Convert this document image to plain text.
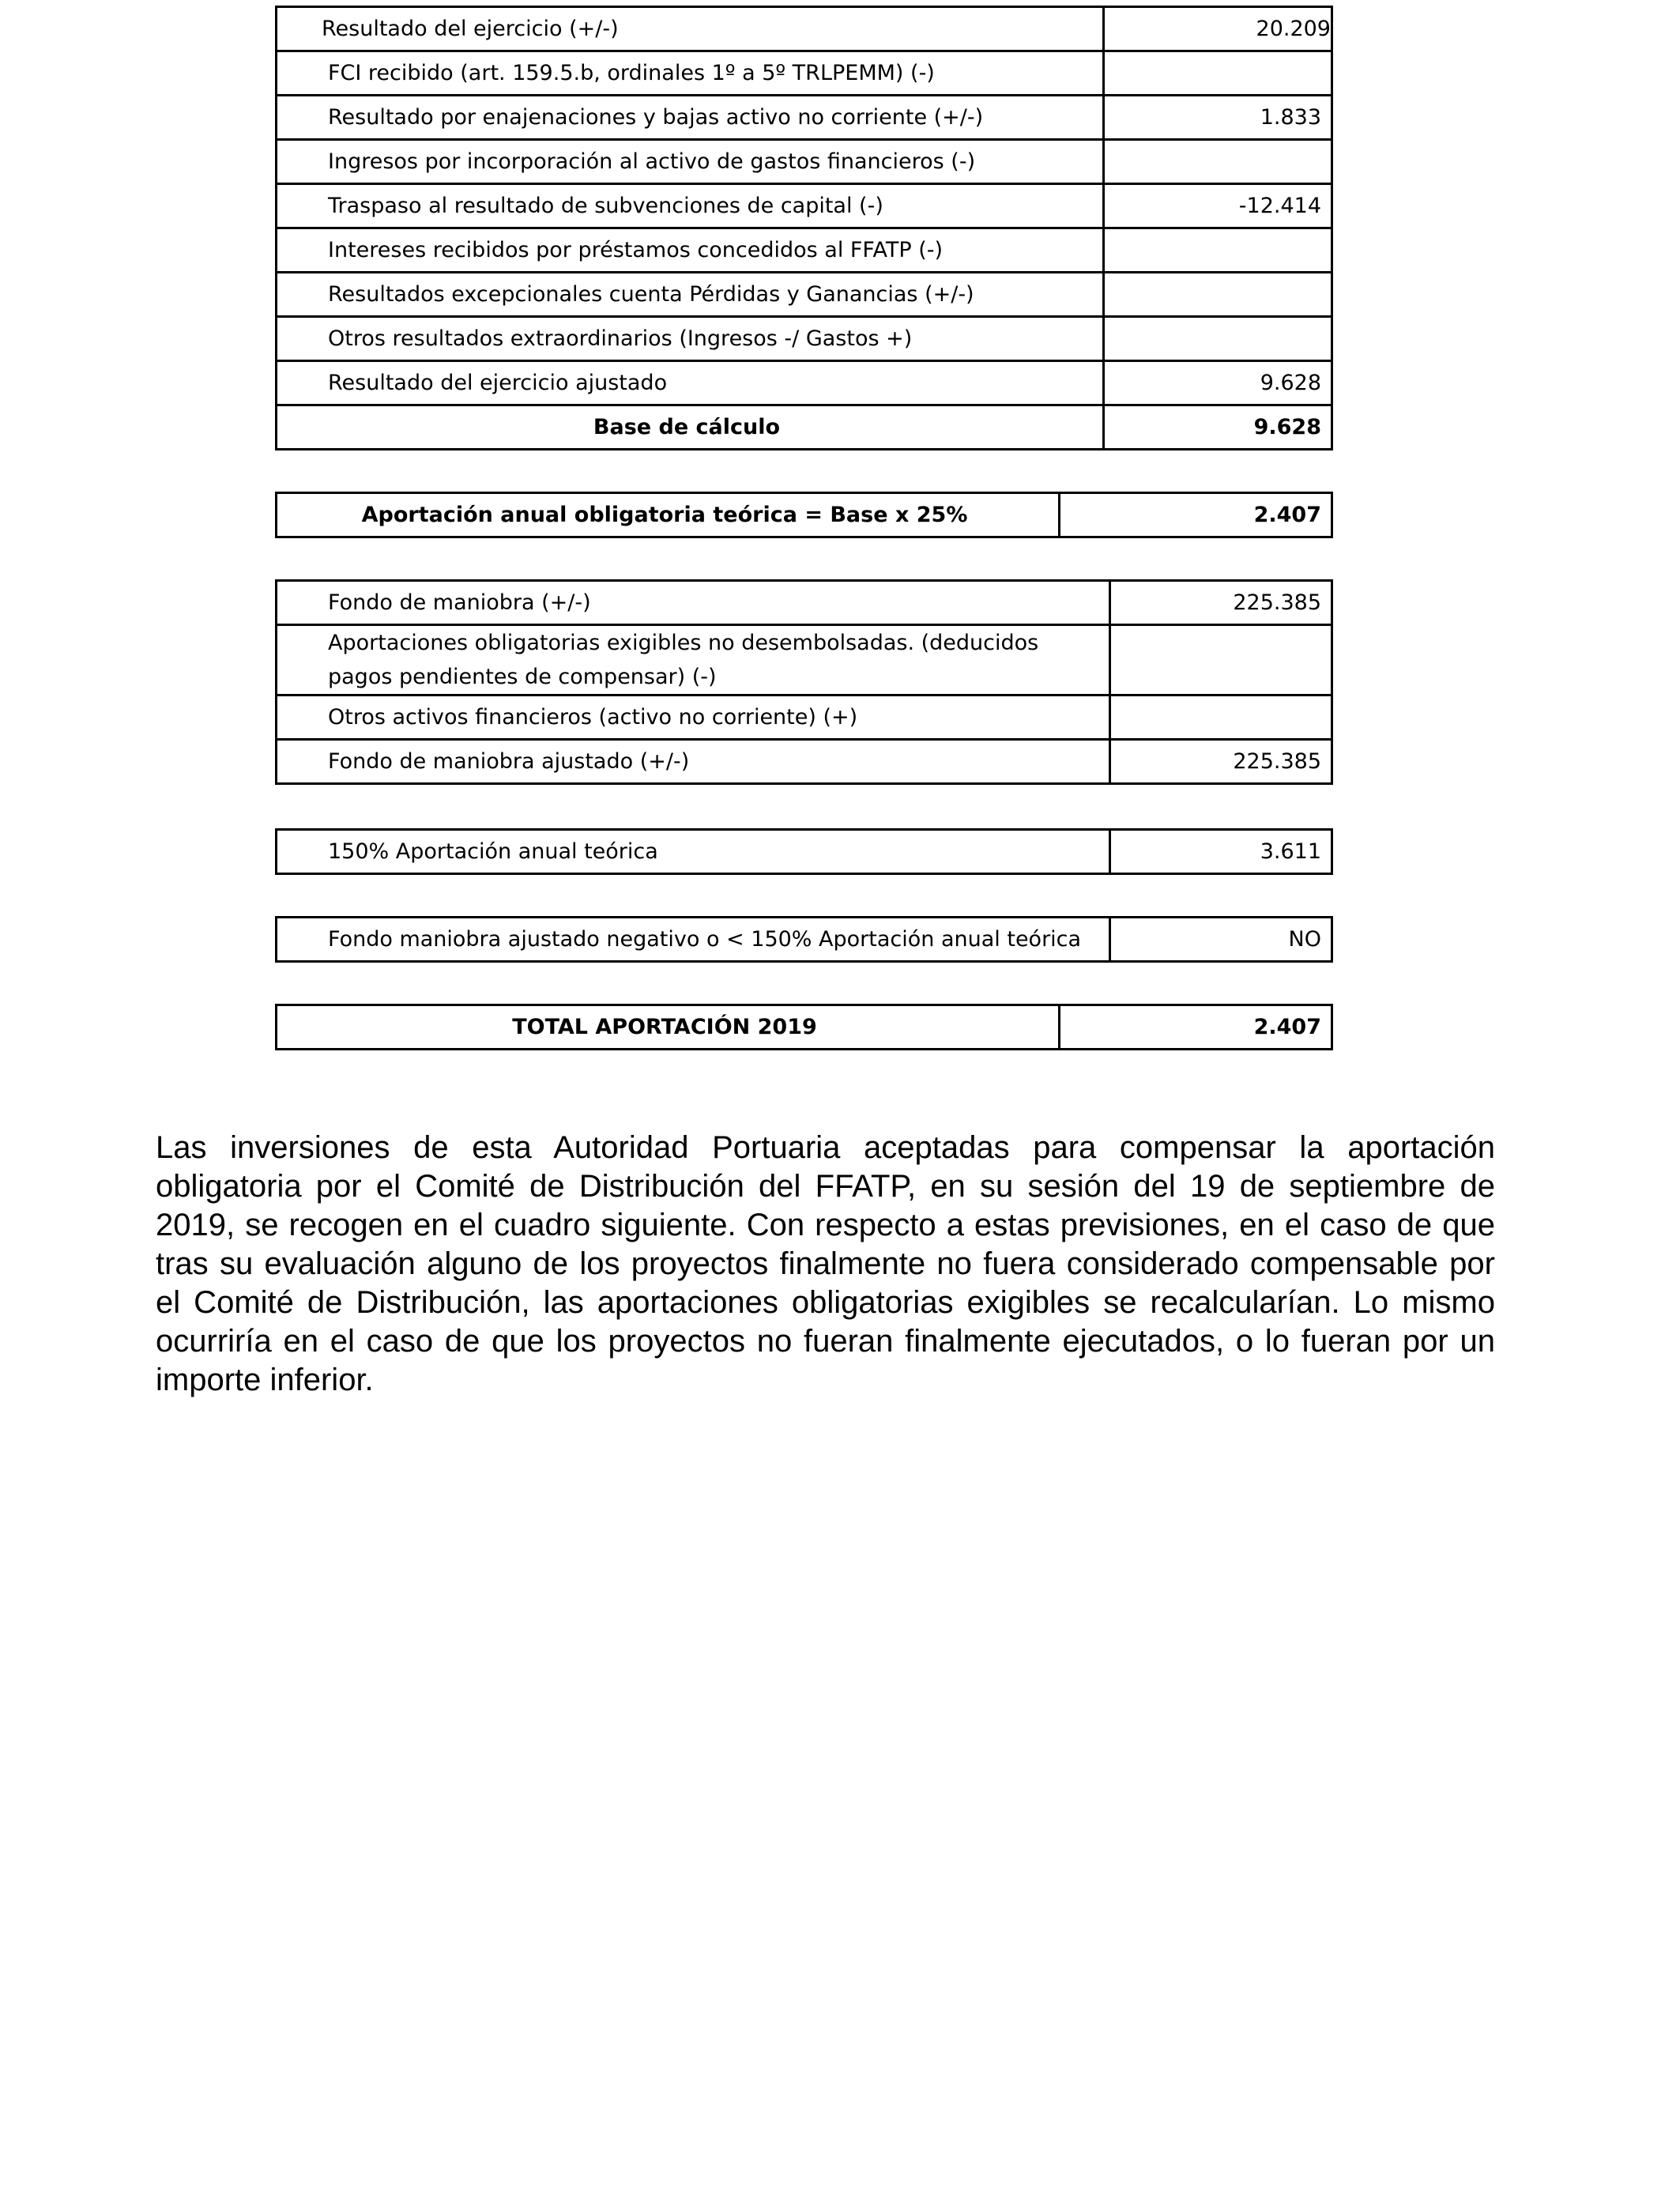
Resultado del ejercicio (+/-)	20.209
FCI recibido (art. 159.5.b, ordinales 1º a 5º TRLPEMM) (-)	
Resultado por enajenaciones y bajas activo no corriente (+/-)	1.833
Ingresos por incorporación al activo de gastos financieros (-)	
Traspaso al resultado de subvenciones de capital (-)	-12.414
Intereses recibidos por préstamos concedidos al FFATP (-)	
Resultados excepcionales cuenta Pérdidas y Ganancias (+/-)	
Otros resultados extraordinarios (Ingresos -/ Gastos +)	
Resultado del ejercicio ajustado	9.628
Base de cálculo	9.628
Aportación anual obligatoria teórica = Base x 25%	2.407
Fondo de maniobra (+/-)	225.385
Aportaciones obligatorias exigibles no desembolsadas. (deducidos pagos pendientes de compensar) (-)	
Otros activos financieros (activo no corriente) (+)	
Fondo de maniobra ajustado (+/-)	225.385
150% Aportación anual teórica	3.611
Fondo maniobra ajustado negativo o < 150% Aportación anual teórica	NO
TOTAL APORTACIÓN 2019	2.407

Las inversiones de esta Autoridad Portuaria aceptadas para compensar la aportación obligatoria por el Comité de Distribución del FFATP, en su sesión del 19 de septiembre de 2019, se recogen en el cuadro siguiente. Con respecto a estas previsiones, en el caso de que tras su evaluación alguno de los proyectos finalmente no fuera considerado compensable por el Comité de Distribución, las aportaciones obligatorias exigibles se recalcularían. Lo mismo ocurriría en el caso de que los proyectos no fueran finalmente ejecutados, o lo fueran por un importe inferior.
